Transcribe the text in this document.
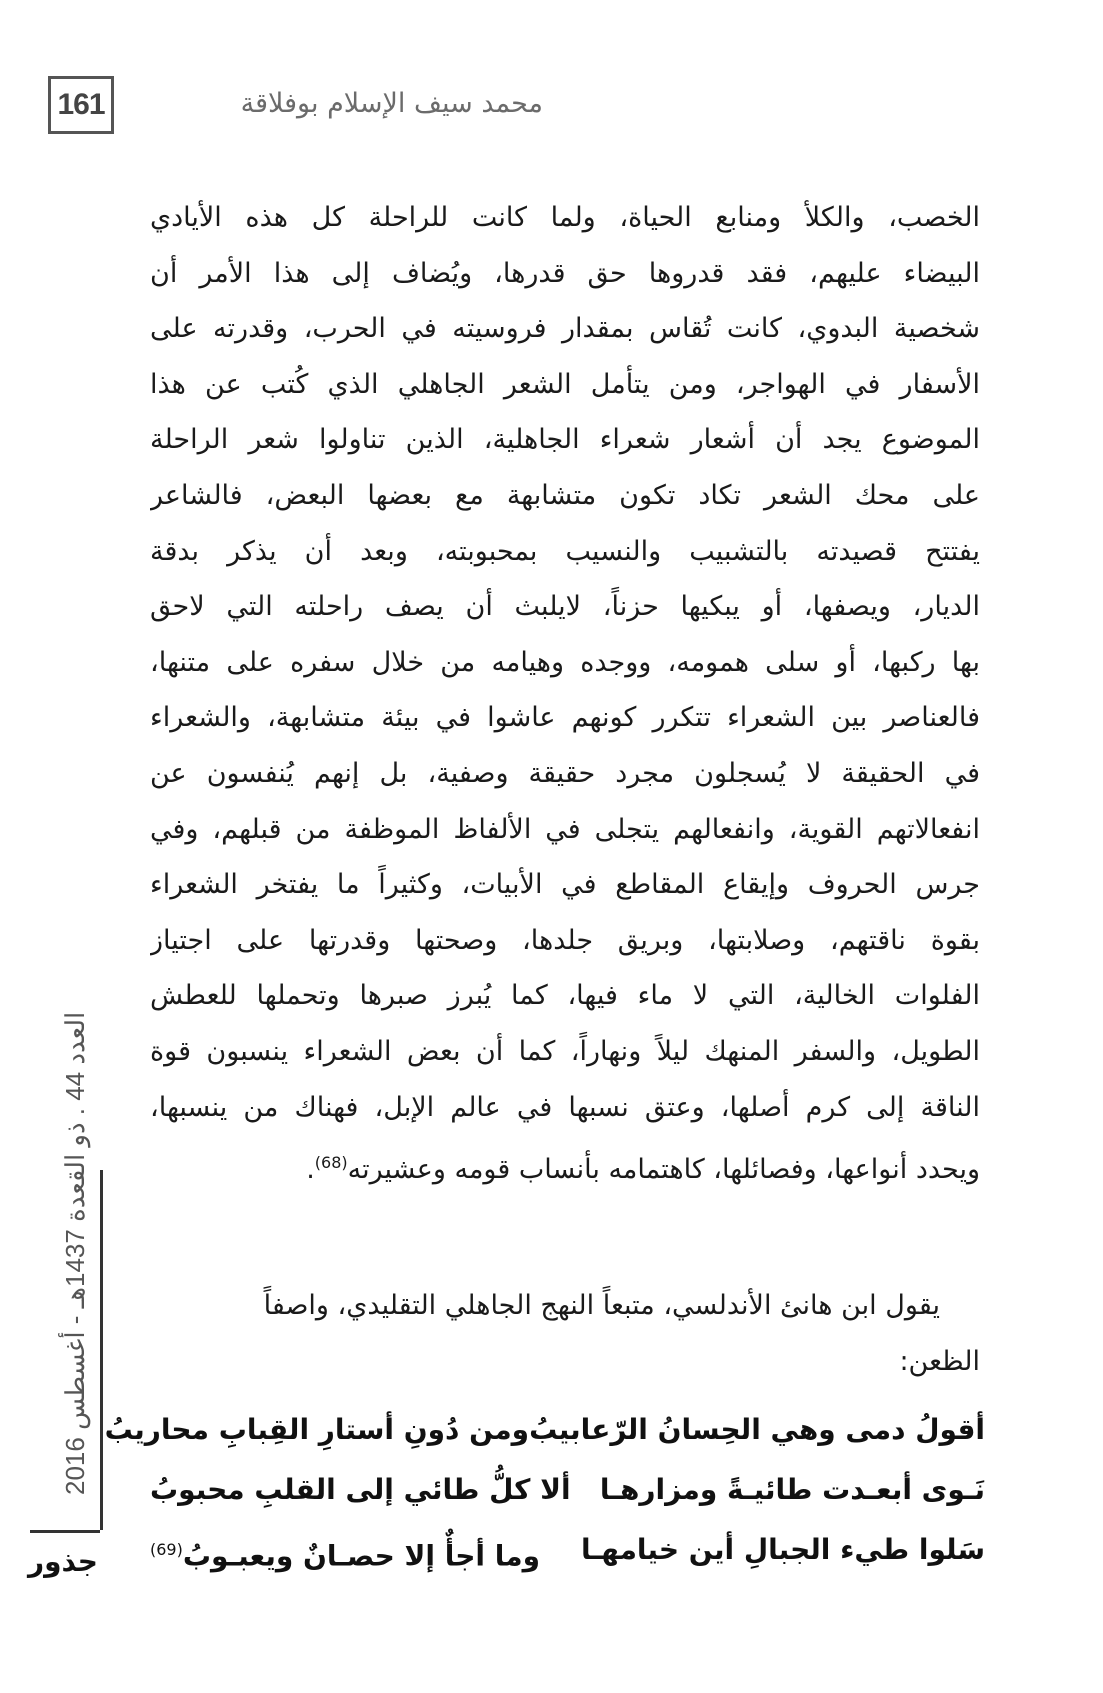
161	محمد سيف الإسلام بوفلاقة
الخصب، والكلأ ومنابع الحياة، ولما كانت للراحلة كل هذه الأيادي
البيضاء عليهم، فقد قدروها حق قدرها، ويُضاف إلى هذا الأمر أن
شخصية البدوي، كانت تُقاس بمقدار فروسيته في الحرب، وقدرته على
الأسفار في الهواجر، ومن يتأمل الشعر الجاهلي الذي كُتب عن هذا
الموضوع يجد أن أشعار شعراء الجاهلية، الذين تناولوا شعر الراحلة
على محك الشعر تكاد تكون متشابهة مع بعضها البعض، فالشاعر
يفتتح قصيدته بالتشبيب والنسيب بمحبوبته، وبعد أن يذكر بدقة
الديار، ويصفها، أو يبكيها حزناً، لايلبث أن يصف راحلته التي لاحق
بها ركبها، أو سلى همومه، ووجده وهيامه من خلال سفره على متنها،
فالعناصر بين الشعراء تتكرر كونهم عاشوا في بيئة متشابهة، والشعراء
في الحقيقة لا يُسجلون مجرد حقيقة وصفية، بل إنهم يُنفسون عن
انفعالاتهم القوية، وانفعالهم يتجلى في الألفاظ الموظفة من قبلهم، وفي
جرس الحروف وإيقاع المقاطع في الأبيات، وكثيراً ما يفتخر الشعراء
بقوة ناقتهم، وصلابتها، وبريق جلدها، وصحتها وقدرتها على اجتياز
الفلوات الخالية، التي لا ماء فيها، كما يُبرز صبرها وتحملها للعطش
الطويل، والسفر المنهك ليلاً ونهاراً، كما أن بعض الشعراء ينسبون قوة
الناقة إلى كرم أصلها، وعتق نسبها في عالم الإبل، فهناك من ينسبها،
ويحدد أنواعها، وفصائلها، كاهتمامه بأنساب قومه وعشيرته$^{(68)}$.
يقول ابن هانئ الأندلسي، متبعاً النهج الجاهلي التقليدي، واصفاً
الظعن:
أقولُ دمى وهي الحِسانُ الرّعابيبُ
ومن دُونِ أستارِ القِبابِ محاريبُ
نَـوى أبعـدت طائيـةً ومزارهـا
ألا كلُّ طائي إلى القلبِ محبوبُ
سَلوا طيء الجبالِ أين خيامهـا
وما أجأٌ إلا حصـانٌ ويعبـوبُ$^{(69)}$
العدد 44 . ذو القعدة 1437هـ - أغسطس 2016
جذور
